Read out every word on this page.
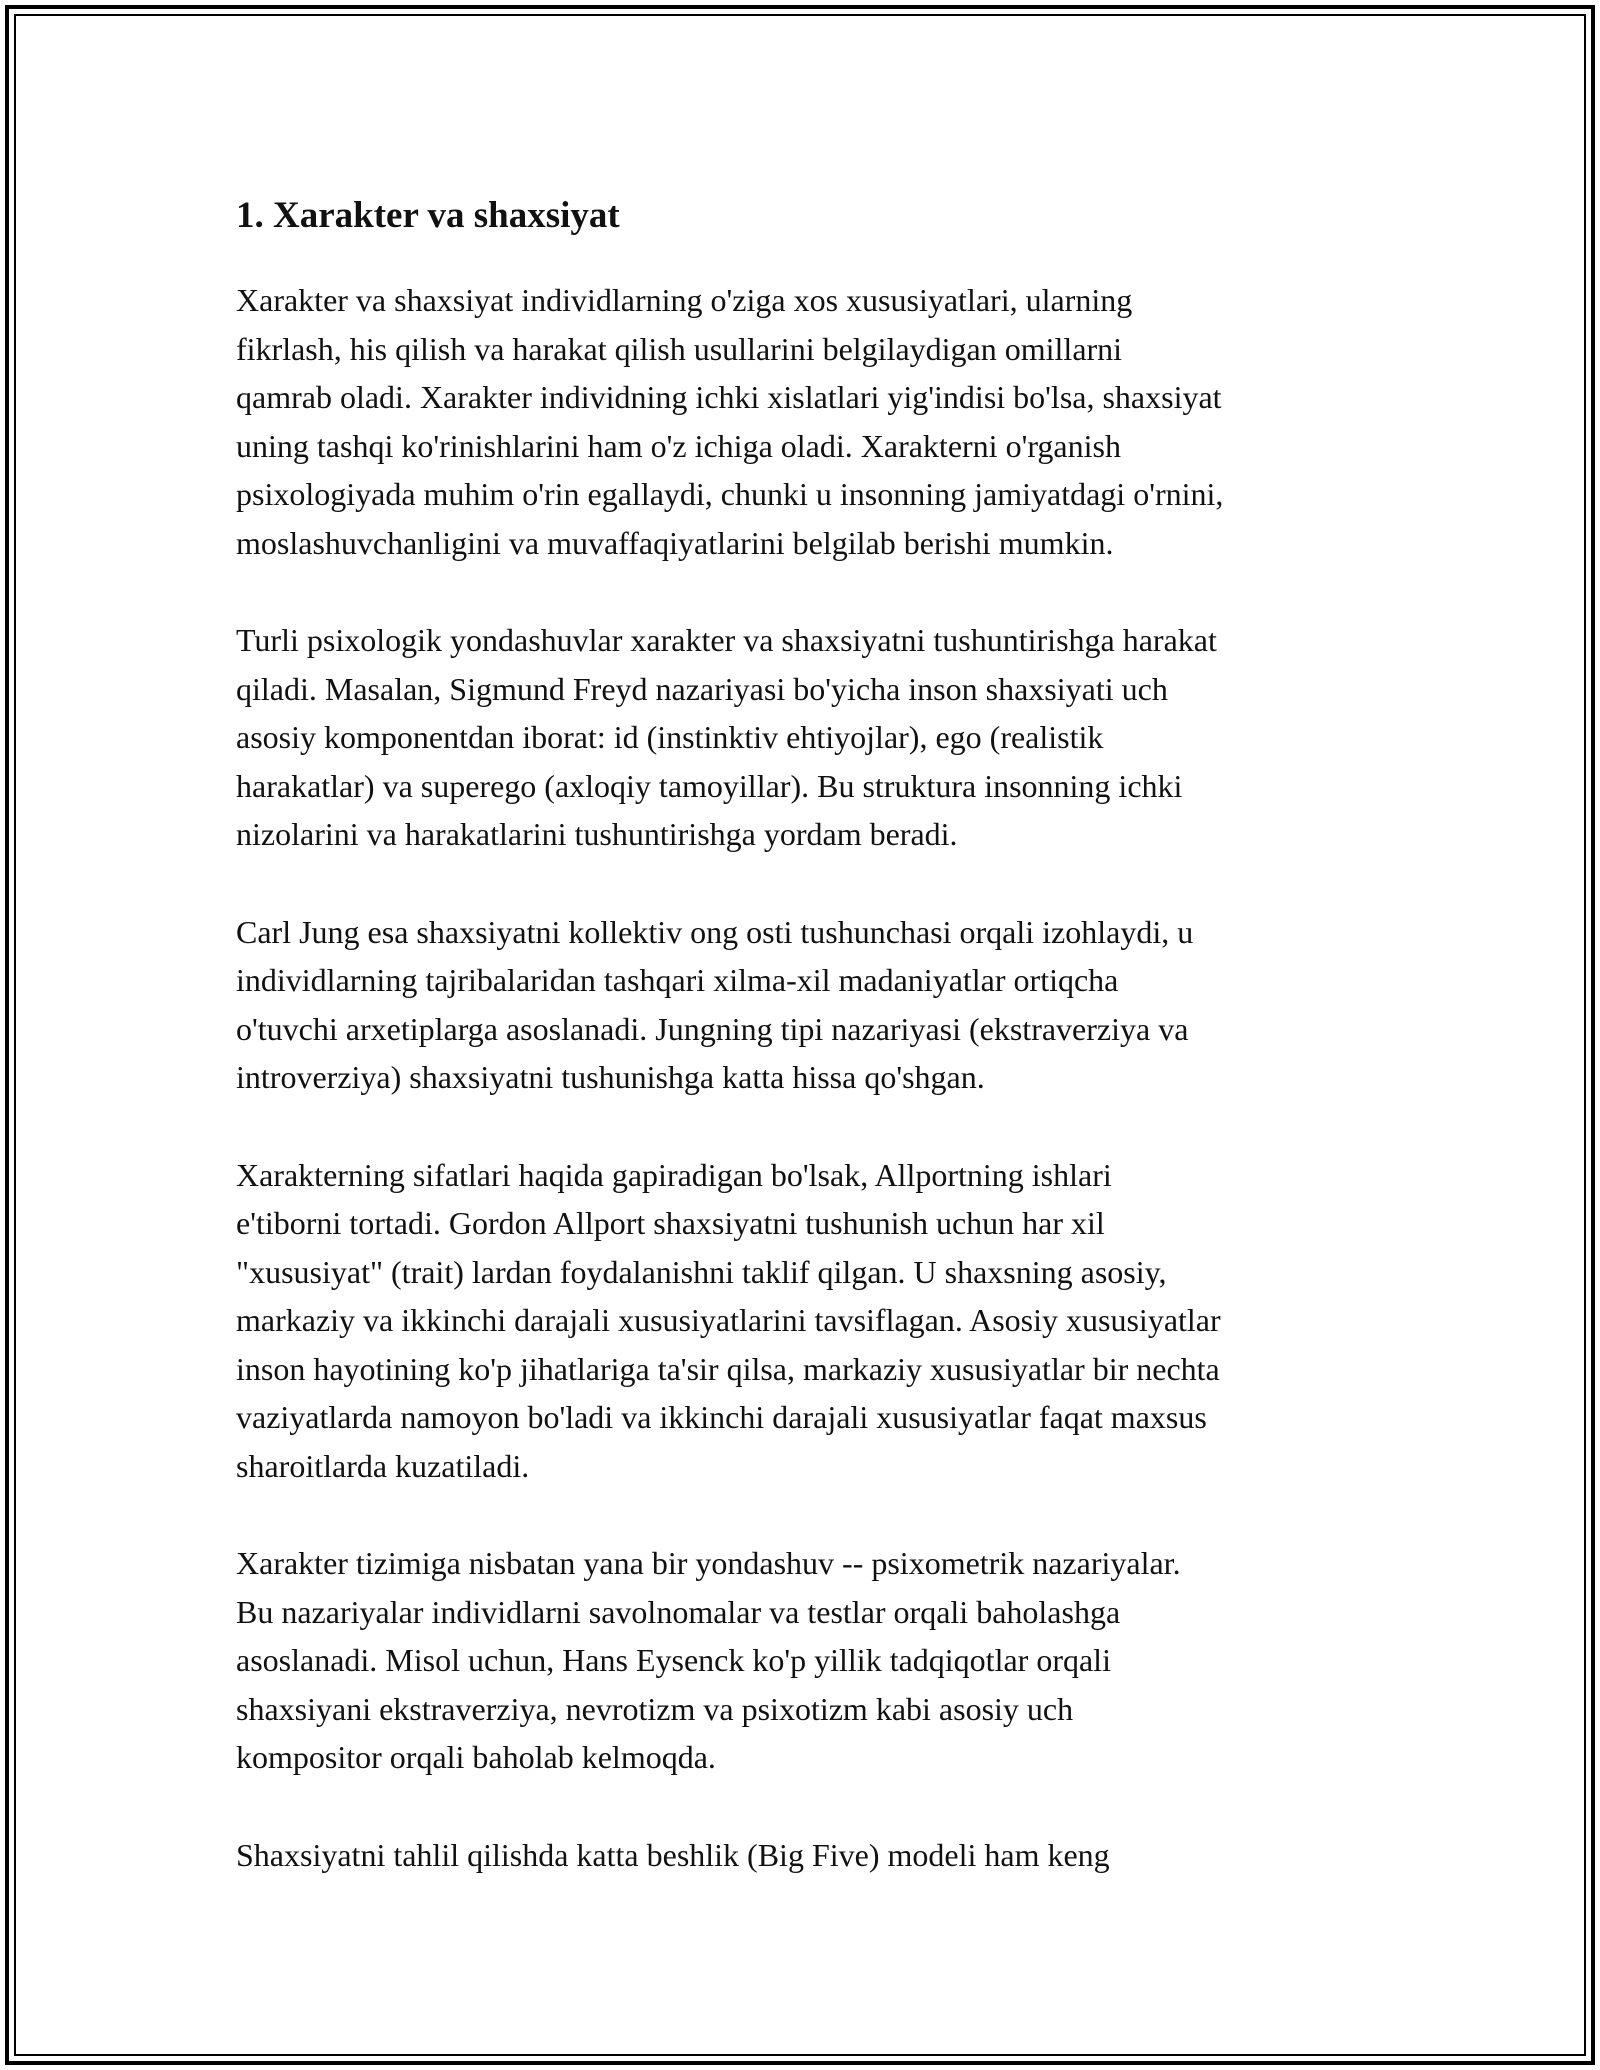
1. Xarakter va shaxsiyat

Xarakter va shaxsiyat individlarning o'ziga xos xususiyatlari, ularning
fikrlash, his qilish va harakat qilish usullarini belgilaydigan omillarni
qamrab oladi. Xarakter individning ichki xislatlari yig'indisi bo'lsa, shaxsiyat
uning tashqi ko'rinishlarini ham o'z ichiga oladi. Xarakterni o'rganish
psixologiyada muhim o'rin egallaydi, chunki u insonning jamiyatdagi o'rnini,
moslashuvchanligini va muvaffaqiyatlarini belgilab berishi mumkin.

Turli psixologik yondashuvlar xarakter va shaxsiyatni tushuntirishga harakat
qiladi. Masalan, Sigmund Freyd nazariyasi bo'yicha inson shaxsiyati uch
asosiy komponentdan iborat: id (instinktiv ehtiyojlar), ego (realistik
harakatlar) va superego (axloqiy tamoyillar). Bu struktura insonning ichki
nizolarini va harakatlarini tushuntirishga yordam beradi.

Carl Jung esa shaxsiyatni kollektiv ong osti tushunchasi orqali izohlaydi, u
individlarning tajribalaridan tashqari xilma-xil madaniyatlar ortiqcha
o'tuvchi arxetiplarga asoslanadi. Jungning tipi nazariyasi (ekstraverziya va
introverziya) shaxsiyatni tushunishga katta hissa qo'shgan.

Xarakterning sifatlari haqida gapiradigan bo'lsak, Allportning ishlari
e'tiborni tortadi. Gordon Allport shaxsiyatni tushunish uchun har xil
"xususiyat" (trait) lardan foydalanishni taklif qilgan. U shaxsning asosiy,
markaziy va ikkinchi darajali xususiyatlarini tavsiflagan. Asosiy xususiyatlar
inson hayotining ko'p jihatlariga ta'sir qilsa, markaziy xususiyatlar bir nechta
vaziyatlarda namoyon bo'ladi va ikkinchi darajali xususiyatlar faqat maxsus
sharoitlarda kuzatiladi.

Xarakter tizimiga nisbatan yana bir yondashuv -- psixometrik nazariyalar.
Bu nazariyalar individlarni savolnomalar va testlar orqali baholashga
asoslanadi. Misol uchun, Hans Eysenck ko'p yillik tadqiqotlar orqali
shaxsiyani ekstraverziya, nevrotizm va psixotizm kabi asosiy uch
kompositor orqali baholab kelmoqda.

Shaxsiyatni tahlil qilishda katta beshlik (Big Five) modeli ham keng
